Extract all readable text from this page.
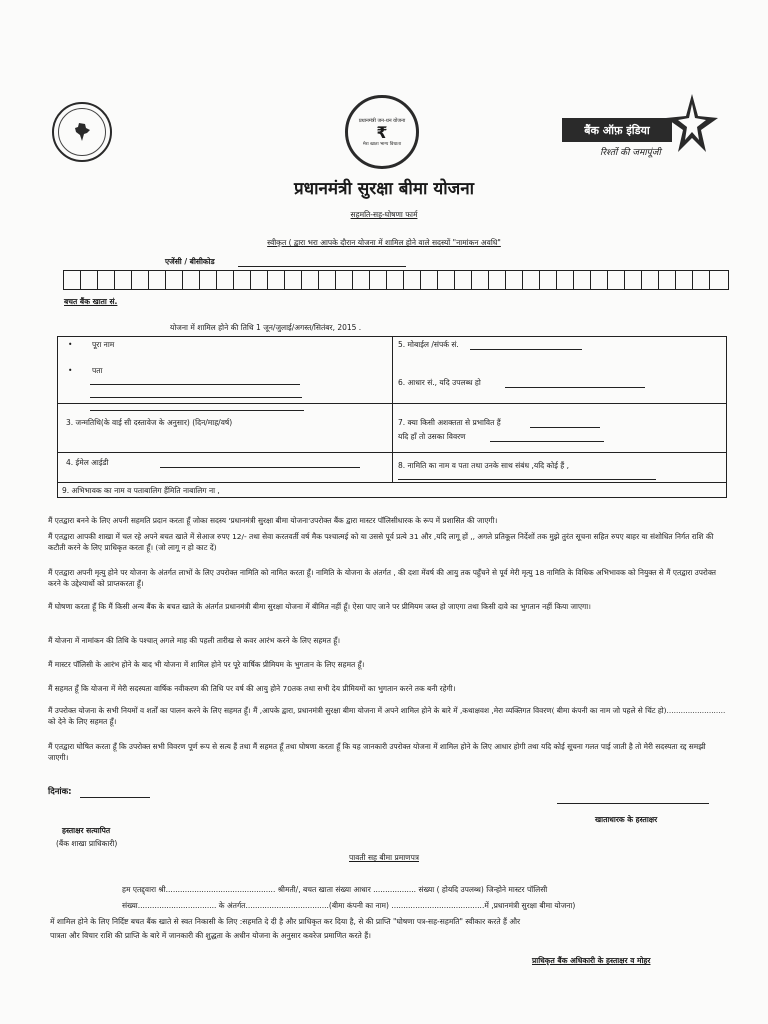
प्रधानमंत्री जन-धन योजना
₹
मेरा खाता भाग्य विधाता
बैंक ऑफ़ इंडिया
रिश्तों की जमापूंजी
प्रधानमंत्री सुरक्षा बीमा योजना
सहमति-सह-घोषणा फार्म
स्वीकृत ( द्वारा भरा आपके दौरान योजना में शामिल होने वाले सदस्यों "नामांकन अवधि"
एजेंसी / बीसीकोड
बचत बैंक खाता सं.
योजना में शामिल होने की तिथि 1 जून/जुलाई/अगस्त/सितंबर, 2015 .
•	पूरा नाम
•	पता
5. मोबाईल /संपर्क सं.
6. आधार सं., यदि उपलब्ध हो
3. जन्मतिथि(के वाई सी दस्तावेज के अनुसार) (दिन/माह/वर्ष)	7. क्या किसी अशक्तता से प्रभावित हैं
यदि हाँ तो उसका विवरण
4. ईमेल आईडी	8. नामिति का नाम व पता तथा उनके साथ संबंध ,यदि कोई हैं ,
9. अभिभावक का नाम व पताबालिग हैंमिति नाबालिग ना ,
मैं एतद्वारा बनने के लिए अपनी सहमति प्रदान करता हूँ जोका सदस्य 'प्रधानमंत्री सुरक्षा बीमा योजना'उपरोक्त बैंक द्वारा मास्टर पॉलिसीधारक के रूप में प्रशासित की जाएगी।
मैं एतद्वारा आपकी शाखा में चल रहे अपने बचत खाते में सेआज रुपए 12/- तथा सेवा करतवर्ती वर्ष मैक पश्चात्मई को या उससे पूर्व प्रत्ये 31 और ,यदि लागू हों ,, अगले प्रतिकूल निर्देशों तक मुझे तुरंत सूचना सहित रुपए बाहर या संशोधित निर्गत राशि की कटौती करने के लिए प्राधिकृत करता हूँ। (जो लागू न हो काट दें)
मैं एतद्वारा अपनी मृत्यु होने पर योजना के अंतर्गत लाभों के लिए उपरोक्त नामिति को नामित करता हूँ। नामिति के योजना के अंतर्गत , की दशा मेंवर्ष की आयु तक पहुँचने से पूर्व मेरी मृत्यु 18 नामिति के विधिक अभिभावक को नियुक्त से मैं एतद्वारा उपरोक्त करने के उद्देश्यार्थो को प्राप्तकरता हूँ।
मैं घोषणा करता हूँ कि मैं किसी अन्य बैंक के बचत खाते के अंतर्गत प्रधानमंत्री बीमा सुरक्षा योजना में बीमित नहीं हूँ। ऐसा पाए जाने पर प्रीमियम जब्त हो जाएगा तथा किसी दावे का भुगतान नहीं किया जाएगा।
मैं योजना में नामांकन की तिथि के पश्चात् अगले माह की पहली तारीख से कवर आरंभ करने के लिए सहमत हूँ।
मैं मास्टर पॉलिसी के आरंभ होने के बाद भी योजना में शामिल होने पर पूरे वार्षिक प्रीमियम के भुगतान के लिए सहमत हूँ।
मैं सहमत हूँ कि योजना में मेरी सदस्यता वार्षिक नवीकरण की तिथि पर वर्ष की आयु होने 70तक तथा सभी देय प्रीमियमों का भुगतान करने तक बनी रहेगी।
मैं उपरोक्त योजना के सभी नियमों व शर्तों का पालन करने के लिए सहमत हूँ। मैं ,आपके द्वारा, प्रधानमंत्री सुरक्षा बीमा योजना में अपने शामिल होने के बारे में ,कथाक्षवश ,मेरा व्यक्तिगत विवरण( बीमा कंपनी का नाम जो पहले से चिंट हो)......................... को देने के लिए सहमत हूँ।
मैं एतद्वारा घोषित करता हूँ कि उपरोक्त सभी विवरण पूर्ण रूप से सत्य हैं तथा मैं सहमत हूँ तथा घोषणा करता हूँ कि यह जानकारी उपरोक्त योजना में शामिल होने के लिए आधार होगी तथा यदि कोई सूचना गलत पाई जाती है तो मेरी सदस्यता रद्द समझी जाएगी।
दिनांक:
खाताधारक के हस्ताक्षर
हस्ताक्षर सत्यापित
(बैंक शाखा प्राधिकारी)
पावती सह बीमा प्रमाणपत्र
हम एतद्द्वारा श्री.............................................. श्रीमती/, बचत खाता संख्या आधार .................. संख्या ( होयदि उपलब्ध) जिन्होने मास्टर पॉलिसी
संख्या................................. के अंतर्गत...................................(बीमा कंपनी का नाम) .......................................में ,प्रधानमंत्री सुरक्षा बीमा योजना)
में शामिल होने के लिए निर्दिष्ट बचत बैंक खाते से स्वत निकासी के लिए :सहमति दे दी है और प्राधिकृत कर दिया है, से की प्राप्ति "घोषणा पत्र-सह-सहमति" स्वीकार करते हैं और
पात्रता और विचार राशि की प्राप्ति के बारे में जानकारी की शुद्धता के अधीन योजना के अनुसार कवरेज प्रमाणित करते हैं।
प्राधिकृत बैंक अधिकारी के हस्ताक्षर व मोहर
